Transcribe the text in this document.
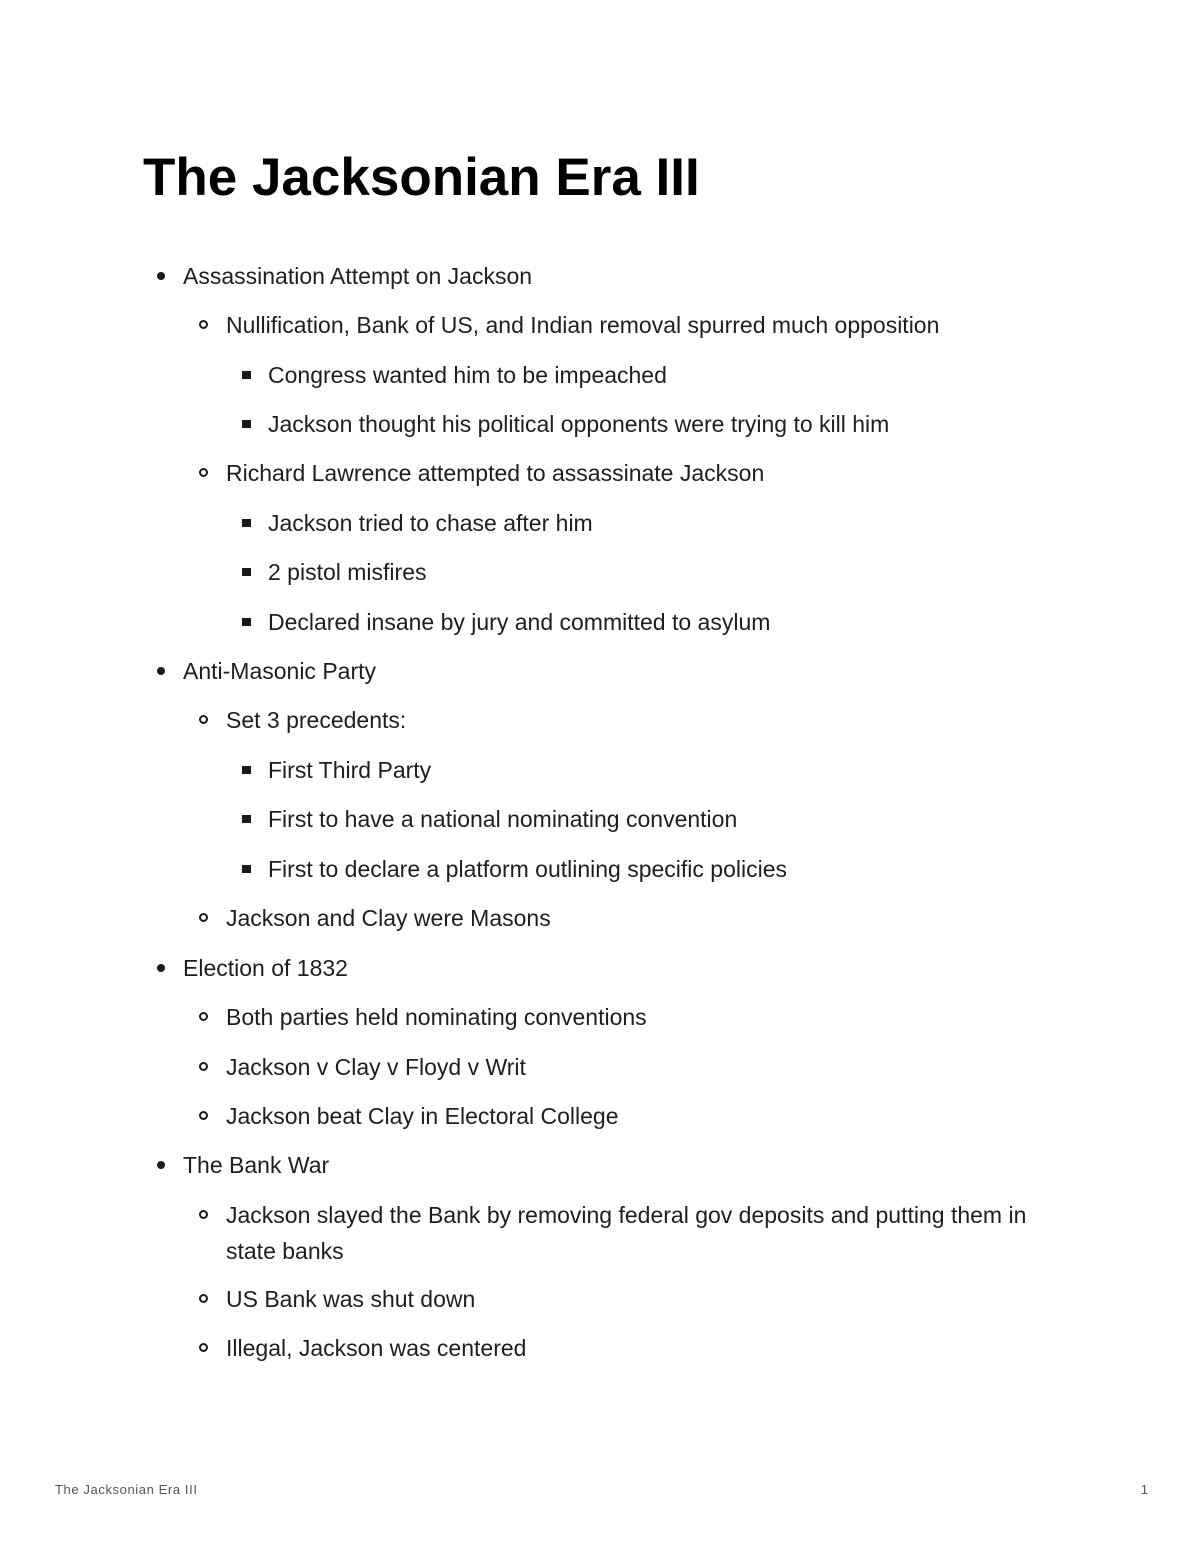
The Jacksonian Era III
Assassination Attempt on Jackson
Nullification, Bank of US, and Indian removal spurred much opposition
Congress wanted him to be impeached
Jackson thought his political opponents were trying to kill him
Richard Lawrence attempted to assassinate Jackson
Jackson tried to chase after him
2 pistol misfires
Declared insane by jury and committed to asylum
Anti-Masonic Party
Set 3 precedents:
First Third Party
First to have a national nominating convention
First to declare a platform outlining specific policies
Jackson and Clay were Masons
Election of 1832
Both parties held nominating conventions
Jackson v Clay v Floyd v Writ
Jackson beat Clay in Electoral College
The Bank War
Jackson slayed the Bank by removing federal gov deposits and putting them in state banks
US Bank was shut down
Illegal, Jackson was centered
The Jacksonian Era III	1
